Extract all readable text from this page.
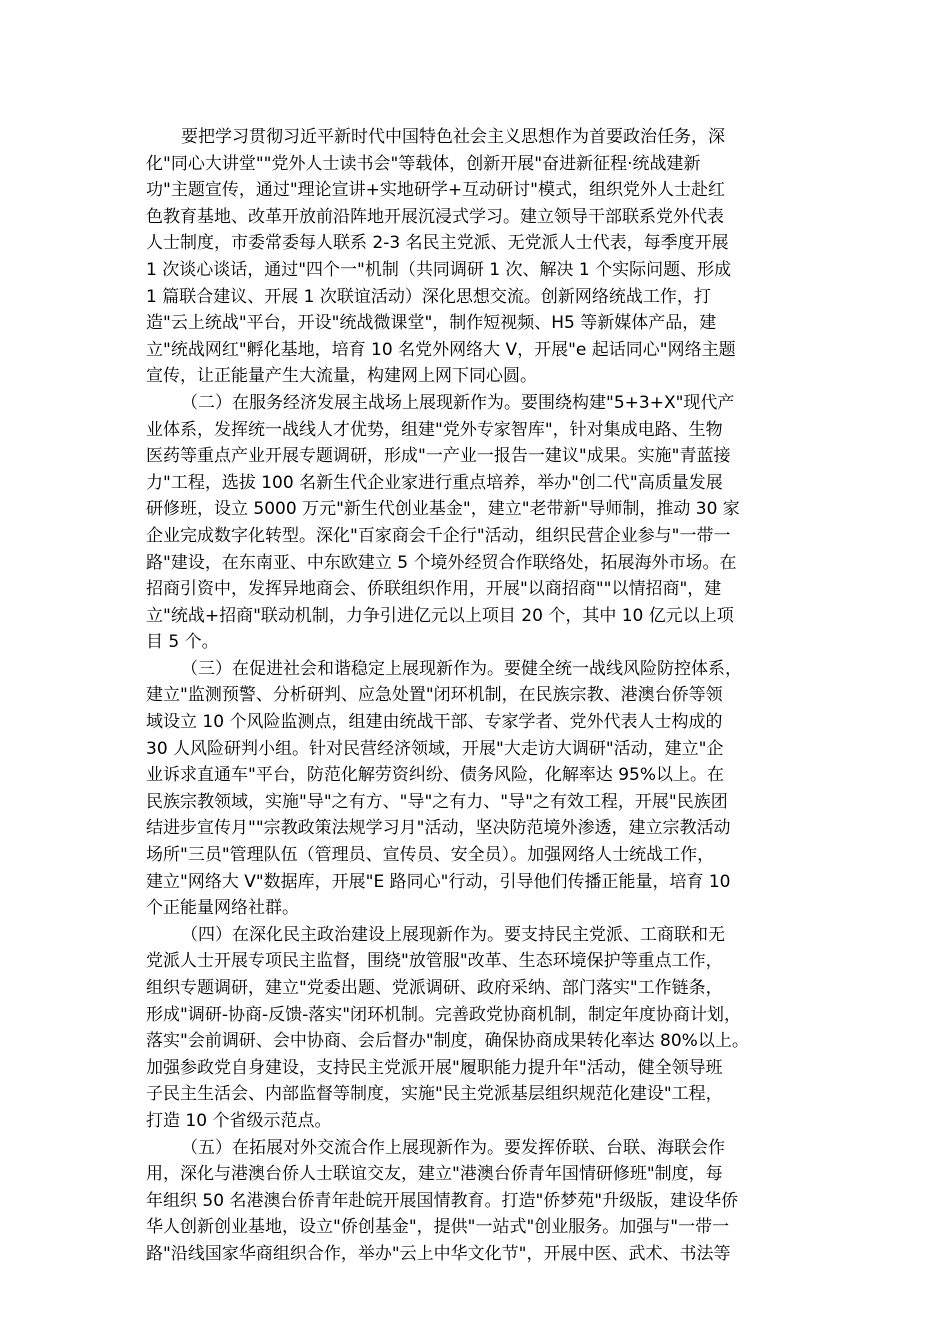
要把学习贯彻习近平新时代中国特色社会主义思想作为首要政治任务，深
化"同心大讲堂""党外人士读书会"等载体，创新开展"奋进新征程·统战建新
功"主题宣传，通过"理论宣讲+实地研学+互动研讨"模式，组织党外人士赴红
色教育基地、改革开放前沿阵地开展沉浸式学习。建立领导干部联系党外代表
人士制度，市委常委每人联系 2-3 名民主党派、无党派人士代表，每季度开展
1 次谈心谈话，通过"四个一"机制（共同调研 1 次、解决 1 个实际问题、形成
1 篇联合建议、开展 1 次联谊活动）深化思想交流。创新网络统战工作，打
造"云上统战"平台，开设"统战微课堂"，制作短视频、H5 等新媒体产品，建
立"统战网红"孵化基地，培育 10 名党外网络大 V，开展"e 起话同心"网络主题
宣传，让正能量产生大流量，构建网上网下同心圆。
（二）在服务经济发展主战场上展现新作为。要围绕构建"5+3+X"现代产
业体系，发挥统一战线人才优势，组建"党外专家智库"，针对集成电路、生物
医药等重点产业开展专题调研，形成"一产业一报告一建议"成果。实施"青蓝接
力"工程，选拔 100 名新生代企业家进行重点培养，举办"创二代"高质量发展
研修班，设立 5000 万元"新生代创业基金"，建立"老带新"导师制，推动 30 家
企业完成数字化转型。深化"百家商会千企行"活动，组织民营企业参与"一带一
路"建设，在东南亚、中东欧建立 5 个境外经贸合作联络处，拓展海外市场。在
招商引资中，发挥异地商会、侨联组织作用，开展"以商招商""以情招商"，建
立"统战+招商"联动机制，力争引进亿元以上项目 20 个，其中 10 亿元以上项
目 5 个。
（三）在促进社会和谐稳定上展现新作为。要健全统一战线风险防控体系，
建立"监测预警、分析研判、应急处置"闭环机制，在民族宗教、港澳台侨等领
域设立 10 个风险监测点，组建由统战干部、专家学者、党外代表人士构成的
30 人风险研判小组。针对民营经济领域，开展"大走访大调研"活动，建立"企
业诉求直通车"平台，防范化解劳资纠纷、债务风险，化解率达 95%以上。在
民族宗教领域，实施"导"之有方、"导"之有力、"导"之有效工程，开展"民族团
结进步宣传月""宗教政策法规学习月"活动，坚决防范境外渗透，建立宗教活动
场所"三员"管理队伍（管理员、宣传员、安全员）。加强网络人士统战工作，
建立"网络大 V"数据库，开展"E 路同心"行动，引导他们传播正能量，培育 10
个正能量网络社群。
（四）在深化民主政治建设上展现新作为。要支持民主党派、工商联和无
党派人士开展专项民主监督，围绕"放管服"改革、生态环境保护等重点工作，
组织专题调研，建立"党委出题、党派调研、政府采纳、部门落实"工作链条，
形成"调研-协商-反馈-落实"闭环机制。完善政党协商机制，制定年度协商计划，
落实"会前调研、会中协商、会后督办"制度，确保协商成果转化率达 80%以上。
加强参政党自身建设，支持民主党派开展"履职能力提升年"活动，健全领导班
子民主生活会、内部监督等制度，实施"民主党派基层组织规范化建设"工程，
打造 10 个省级示范点。
（五）在拓展对外交流合作上展现新作为。要发挥侨联、台联、海联会作
用，深化与港澳台侨人士联谊交友，建立"港澳台侨青年国情研修班"制度，每
年组织 50 名港澳台侨青年赴皖开展国情教育。打造"侨梦苑"升级版，建设华侨
华人创新创业基地，设立"侨创基金"，提供"一站式"创业服务。加强与"一带一
路"沿线国家华商组织合作，举办"云上中华文化节"，开展中医、武术、书法等
